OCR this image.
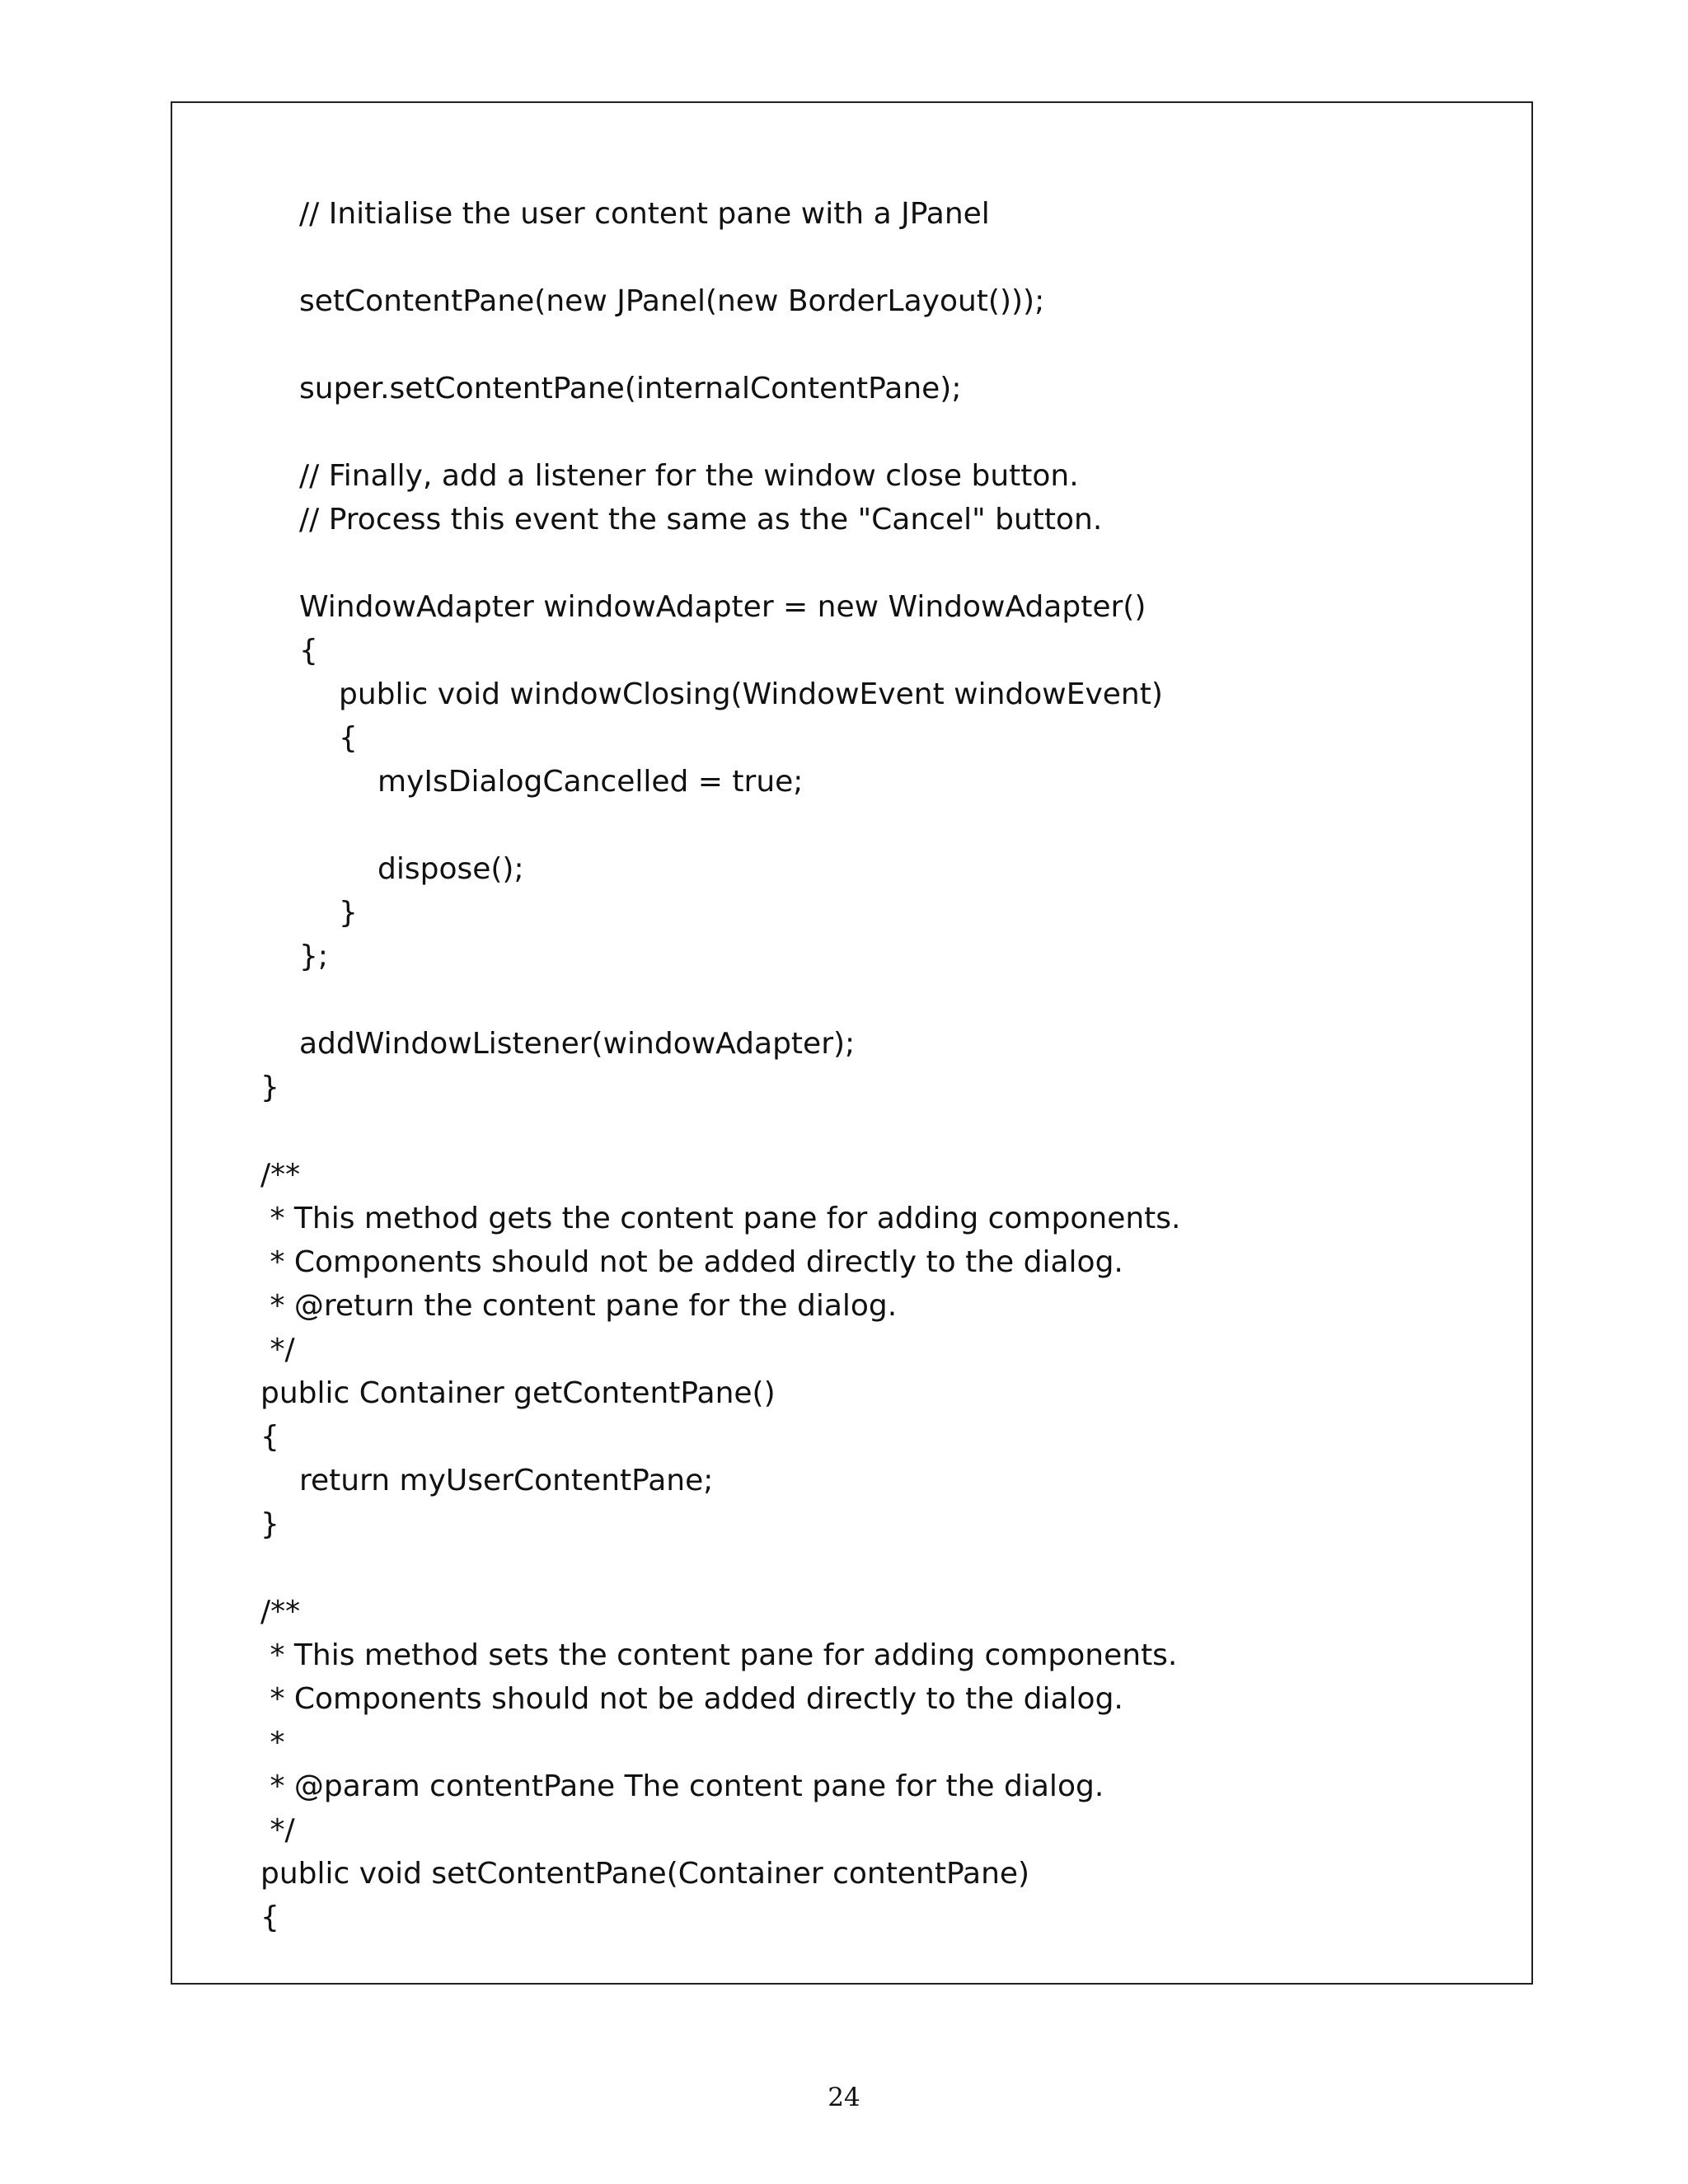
// Initialise the user content pane with a JPanel
setContentPane(new JPanel(new BorderLayout()));
super.setContentPane(internalContentPane);
// Finally, add a listener for the window close button.
// Process this event the same as the "Cancel" button.
WindowAdapter windowAdapter = new WindowAdapter()
{
public void windowClosing(WindowEvent windowEvent)
{
myIsDialogCancelled = true;
dispose();
}
};
addWindowListener(windowAdapter);
}
/**
* This method gets the content pane for adding components.
* Components should not be added directly to the dialog.
* @return the content pane for the dialog.
*/
public Container getContentPane()
{
return myUserContentPane;
}
/**
* This method sets the content pane for adding components.
* Components should not be added directly to the dialog.
*
* @param contentPane The content pane for the dialog.
*/
public void setContentPane(Container contentPane)
{
24
